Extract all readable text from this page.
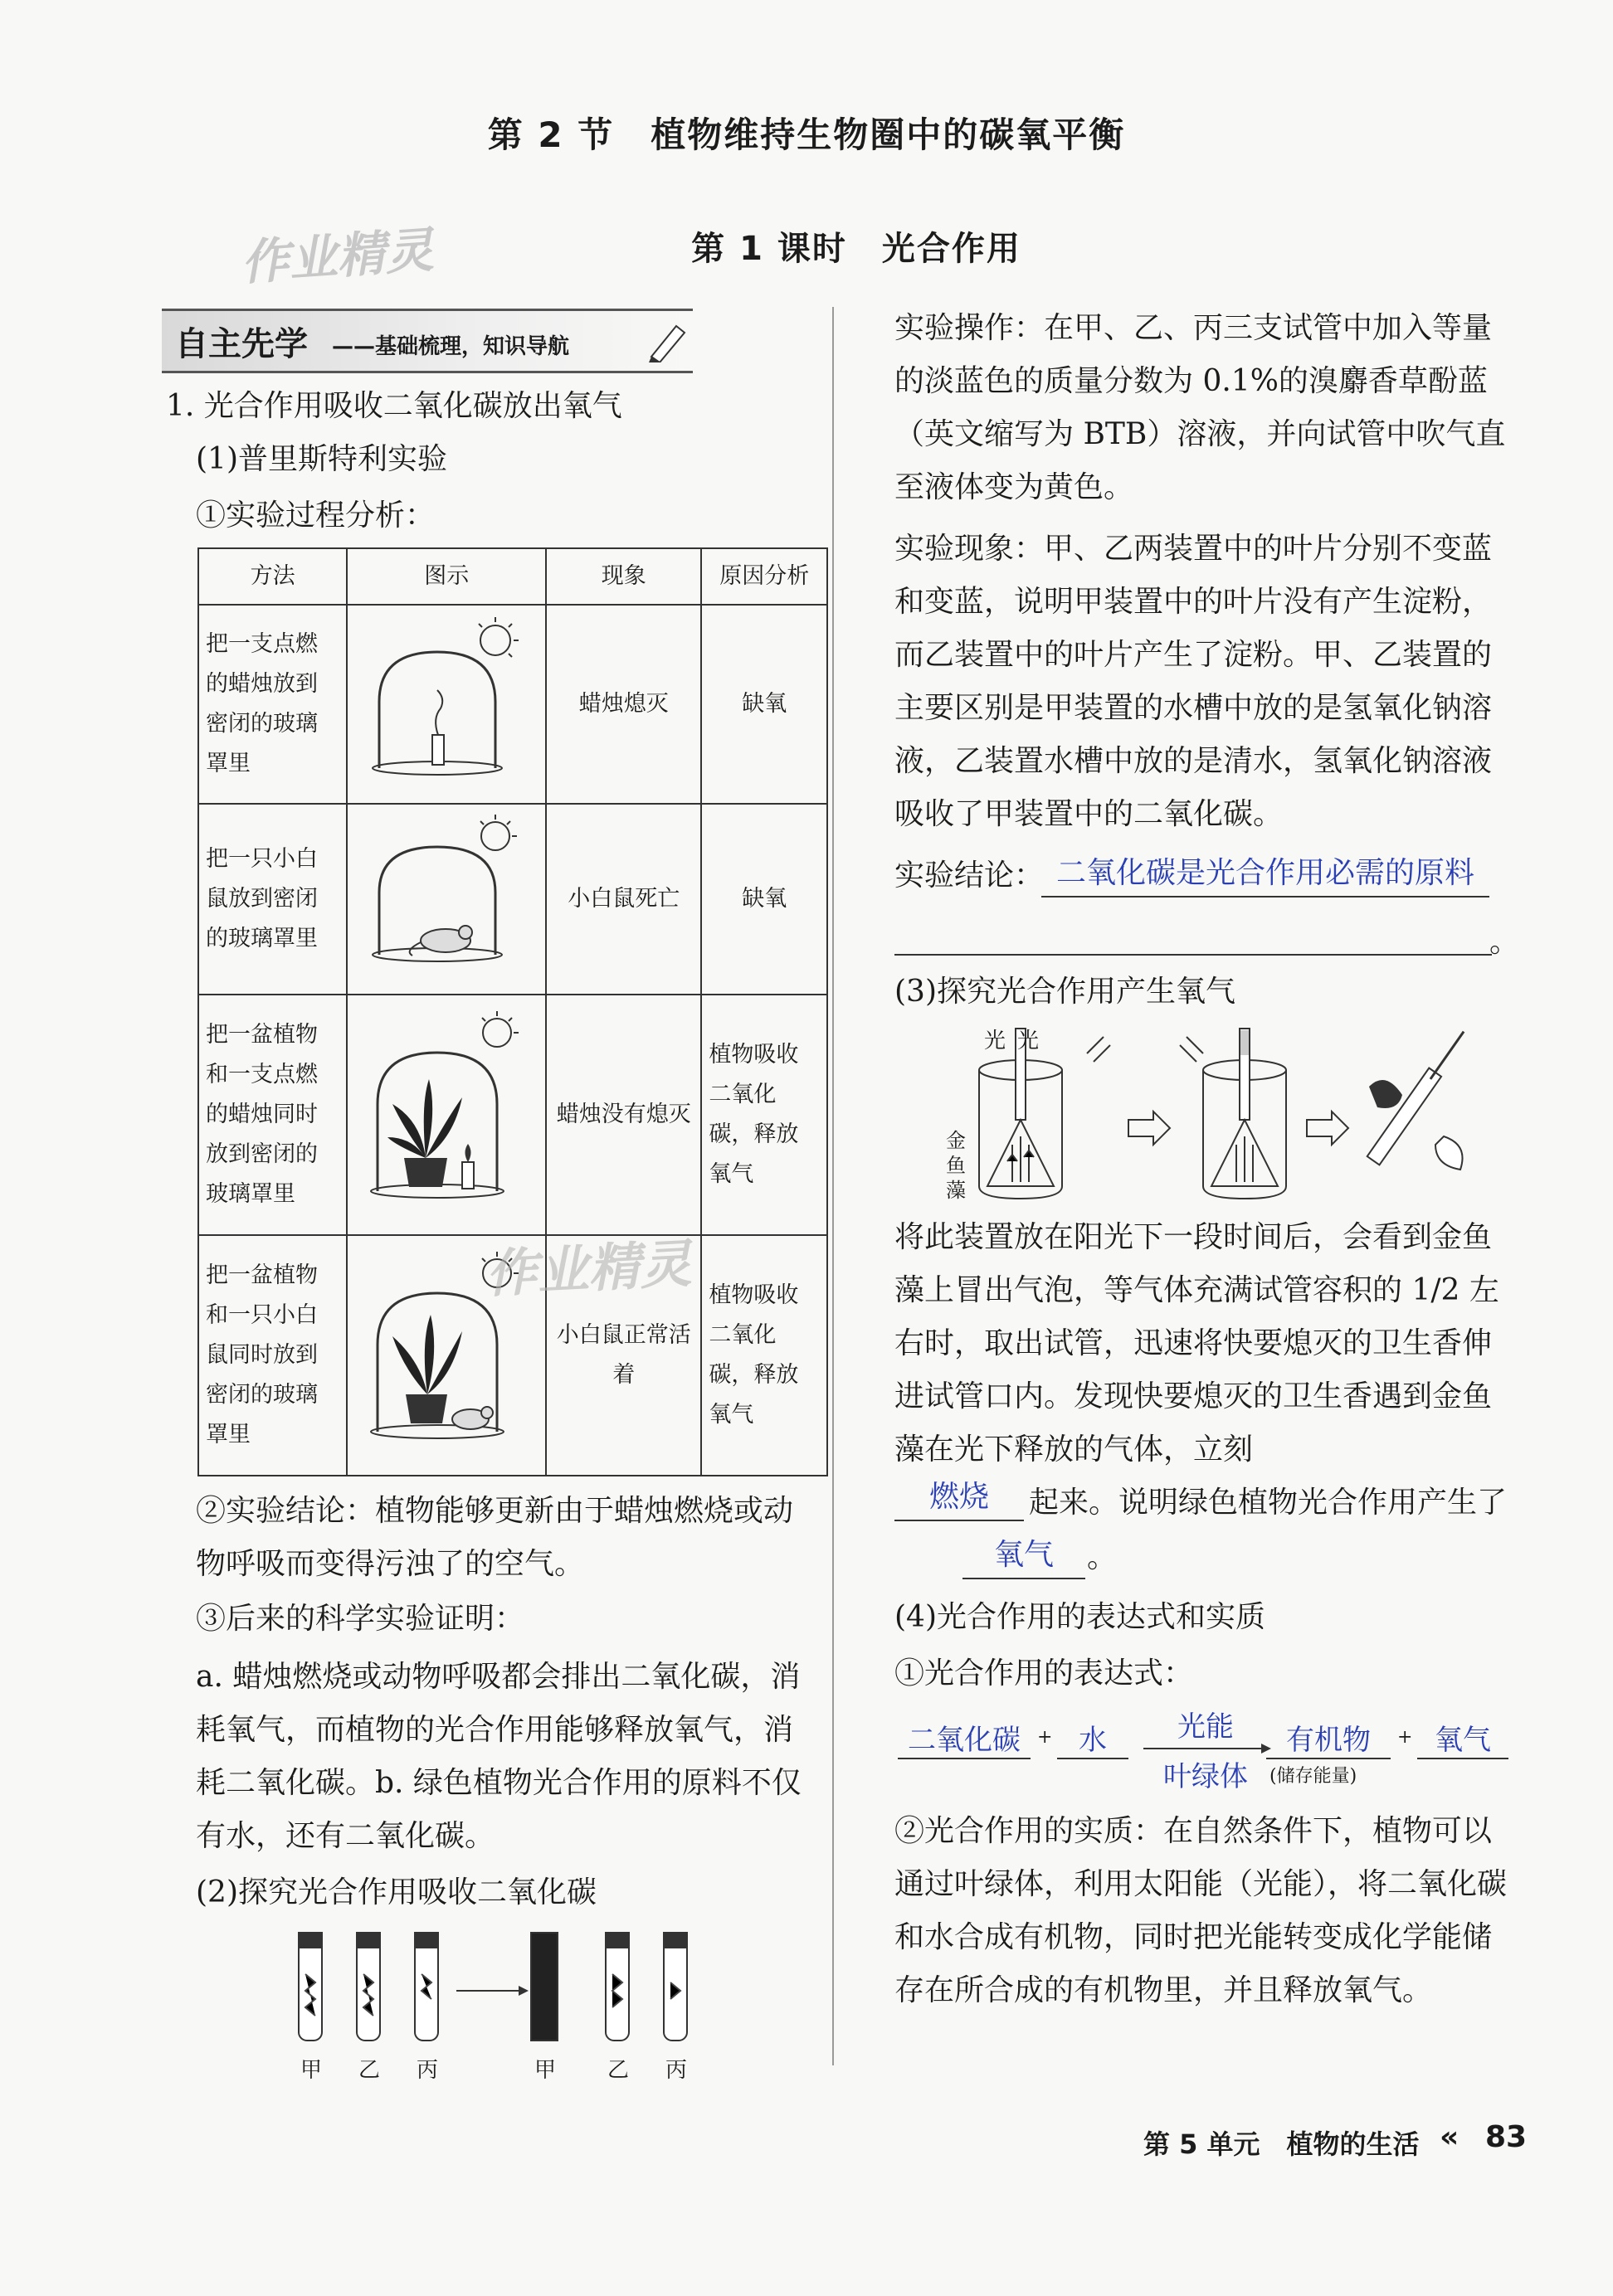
第 2 节　植物维持生物圈中的碳氧平衡
作业精灵	第 1 课时　光合作用
自主先学 ——基础梳理，知识导航
1. 光合作用吸收二氧化碳放出氧气
(1)普里斯特利实验
①实验过程分析：
方法	图示	现象	原因分析
把一支点燃的蜡烛放到密闭的玻璃罩里		蜡烛熄灭	缺氧
把一只小白鼠放到密闭的玻璃罩里		小白鼠死亡	缺氧
把一盆植物和一支点燃的蜡烛同时放到密闭的玻璃罩里		蜡烛没有熄灭	植物吸收二氧化碳，释放氧气
把一盆植物和一只小白鼠同时放到密闭的玻璃罩里		小白鼠正常活着	植物吸收二氧化碳，释放氧气
作业精灵
②实验结论：植物能够更新由于蜡烛燃烧或动物呼吸而变得污浊了的空气。
③后来的科学实验证明：
a. 蜡烛燃烧或动物呼吸都会排出二氧化碳，消耗氧气，而植物的光合作用能够释放氧气，消耗二氧化碳。b. 绿色植物光合作用的原料不仅有水，还有二氧化碳。
(2)探究光合作用吸收二氧化碳
甲 乙 丙	甲 乙 丙
实验操作：在甲、乙、丙三支试管中加入等量的淡蓝色的质量分数为 0.1%的溴麝香草酚蓝（英文缩写为 BTB）溶液，并向试管中吹气直至液体变为黄色。
实验现象：甲、乙两装置中的叶片分别不变蓝和变蓝，说明甲装置中的叶片没有产生淀粉，而乙装置中的叶片产生了淀粉。甲、乙装置的主要区别是甲装置的水槽中放的是氢氧化钠溶液，乙装置水槽中放的是清水，氢氧化钠溶液吸收了甲装置中的二氧化碳。
实验结论： 二氧化碳是光合作用必需的原料
。
(3)探究光合作用产生氧气
光 光
金鱼藻
将此装置放在阳光下一段时间后，会看到金鱼藻上冒出气泡，等气体充满试管容积的 1/2 左右时，取出试管，迅速将快要熄灭的卫生香伸进试管口内。发现快要熄灭的卫生香遇到金鱼藻在光下释放的气体，立刻
燃烧	起来。说明绿色植物光合作用产生了
氧气	。
(4)光合作用的表达式和实质
①光合作用的表达式：
二氧化碳 + 水	光能
叶绿体
有机物
(储存能量)
+ 氧气
②光合作用的实质：在自然条件下，植物可以通过叶绿体，利用太阳能（光能），将二氧化碳和水合成有机物，同时把光能转变成化学能储存在所合成的有机物里，并且释放氧气。
第 5 单元　植物的生活 « 83
